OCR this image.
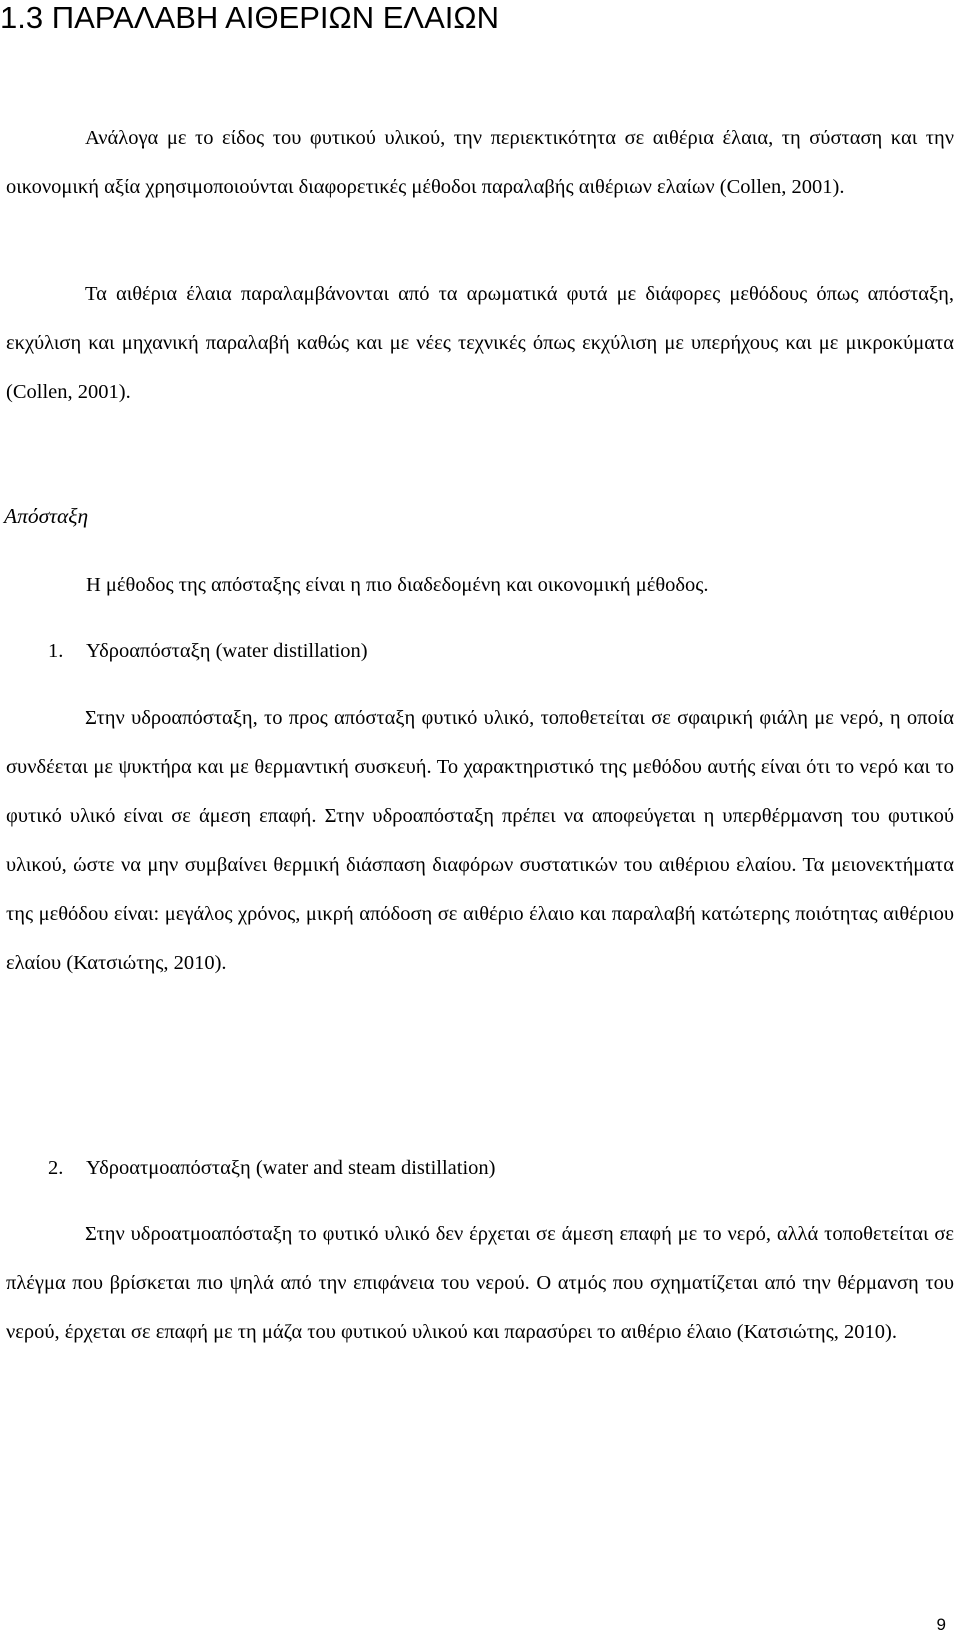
1.3 ΠΑΡΑΛΑΒΗ ΑΙΘΕΡΙΩΝ ΕΛΑΙΩΝ

Ανάλογα με το είδος του φυτικού υλικού, την περιεκτικότητα σε αιθέρια έλαια, τη σύσταση και την οικονομική αξία χρησιμοποιούνται διαφορετικές μέθοδοι παραλαβής αιθέριων ελαίων (Collen, 2001).

Τα αιθέρια έλαια παραλαμβάνονται από τα αρωματικά φυτά με διάφορες μεθόδους όπως απόσταξη, εκχύλιση και μηχανική παραλαβή καθώς και με νέες τεχνικές όπως εκχύλιση με υπερήχους και με μικροκύματα (Collen, 2001).

Απόσταξη

Η μέθοδος της απόσταξης είναι η πιο διαδεδομένη και οικονομική μέθοδος.

1. Υδροαπόσταξη (water distillation)

Στην υδροαπόσταξη, το προς απόσταξη φυτικό υλικό, τοποθετείται σε σφαιρική φιάλη με νερό, η οποία συνδέεται με ψυκτήρα και με θερμαντική συσκευή. Το χαρακτηριστικό της μεθόδου αυτής είναι ότι το νερό και το φυτικό υλικό είναι σε άμεση επαφή. Στην υδροαπόσταξη πρέπει να αποφεύγεται η υπερθέρμανση του φυτικού υλικού, ώστε να μην συμβαίνει θερμική διάσπαση διαφόρων συστατικών του αιθέριου ελαίου. Τα μειονεκτήματα της μεθόδου είναι: μεγάλος χρόνος, μικρή απόδοση σε αιθέριο έλαιο και παραλαβή κατώτερης ποιότητας αιθέριου ελαίου (Κατσιώτης, 2010).

2. Υδροατμοαπόσταξη (water and steam distillation)

Στην υδροατμοαπόσταξη το φυτικό υλικό δεν έρχεται σε άμεση επαφή με το νερό, αλλά τοποθετείται σε πλέγμα που βρίσκεται πιο ψηλά από την επιφάνεια του νερού. Ο ατμός που σχηματίζεται από την θέρμανση του νερού, έρχεται σε επαφή με τη μάζα του φυτικού υλικού και παρασύρει το αιθέριο έλαιο (Κατσιώτης, 2010).

9
